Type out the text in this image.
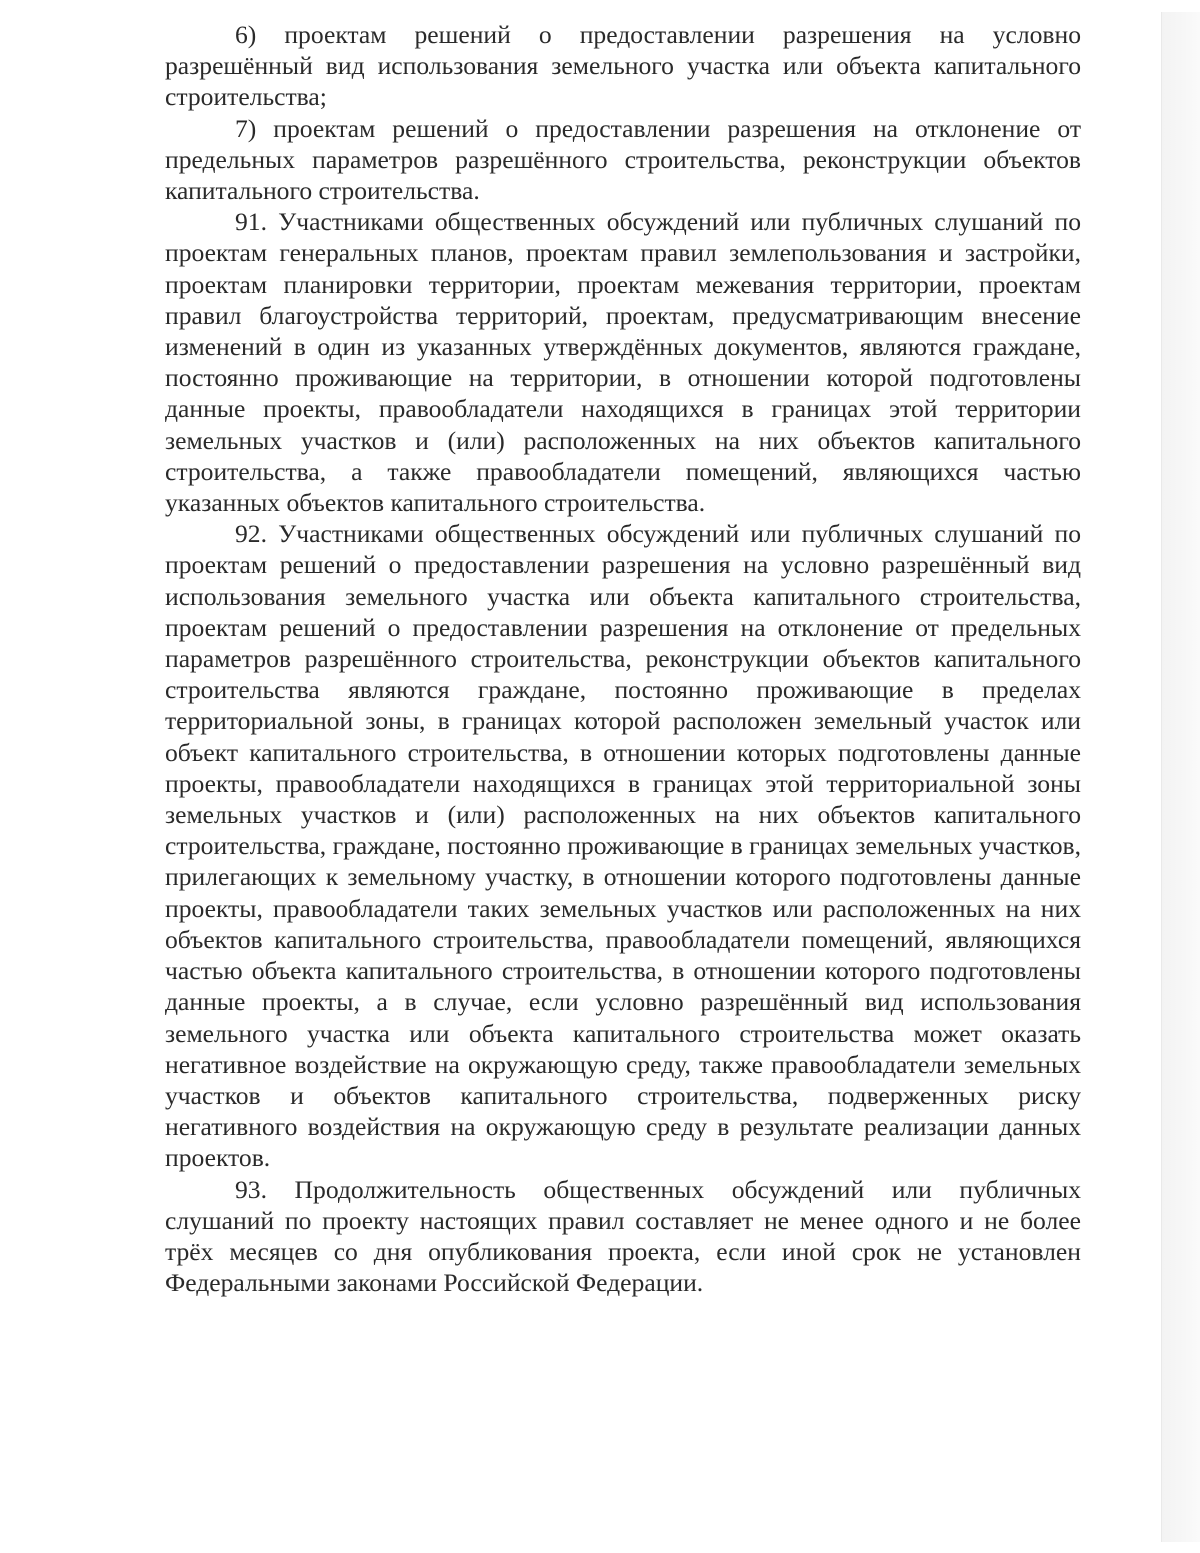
6) проектам решений о предоставлении разрешения на условно разрешённый вид использования земельного участка или объекта капитального строительства;

7) проектам решений о предоставлении разрешения на отклонение от предельных параметров разрешённого строительства, реконструкции объектов капитального строительства.

91. Участниками общественных обсуждений или публичных слушаний по проектам генеральных планов, проектам правил землепользования и застройки, проектам планировки территории, проектам межевания территории, проектам правил благоустройства территорий, проектам, предусматривающим внесение изменений в один из указанных утверждённых документов, являются граждане, постоянно проживающие на территории, в отношении которой подготовлены данные проекты, правообладатели находящихся в границах этой территории земельных участков и (или) расположенных на них объектов капитального строительства, а также правообладатели помещений, являющихся частью указанных объектов капитального строительства.

92. Участниками общественных обсуждений или публичных слушаний по проектам решений о предоставлении разрешения на условно разрешённый вид использования земельного участка или объекта капитального строительства, проектам решений о предоставлении разрешения на отклонение от предельных параметров разрешённого строительства, реконструкции объектов капитального строительства являются граждане, постоянно проживающие в пределах территориальной зоны, в границах которой расположен земельный участок или объект капитального строительства, в отношении которых подготовлены данные проекты, правообладатели находящихся в границах этой территориальной зоны земельных участков и (или) расположенных на них объектов капитального строительства, граждане, постоянно проживающие в границах земельных участков, прилегающих к земельному участку, в отношении которого подготовлены данные проекты, правообладатели таких земельных участков или расположенных на них объектов капитального строительства, правообладатели помещений, являющихся частью объекта капитального строительства, в отношении которого подготовлены данные проекты, а в случае, если условно разрешённый вид использования земельного участка или объекта капитального строительства может оказать негативное воздействие на окружающую среду, также правообладатели земельных участков и объектов капитального строительства, подверженных риску негативного воздействия на окружающую среду в результате реализации данных проектов.

93. Продолжительность общественных обсуждений или публичных слушаний по проекту настоящих правил составляет не менее одного и не более трёх месяцев со дня опубликования проекта, если иной срок не установлен Федеральными законами Российской Федерации.
